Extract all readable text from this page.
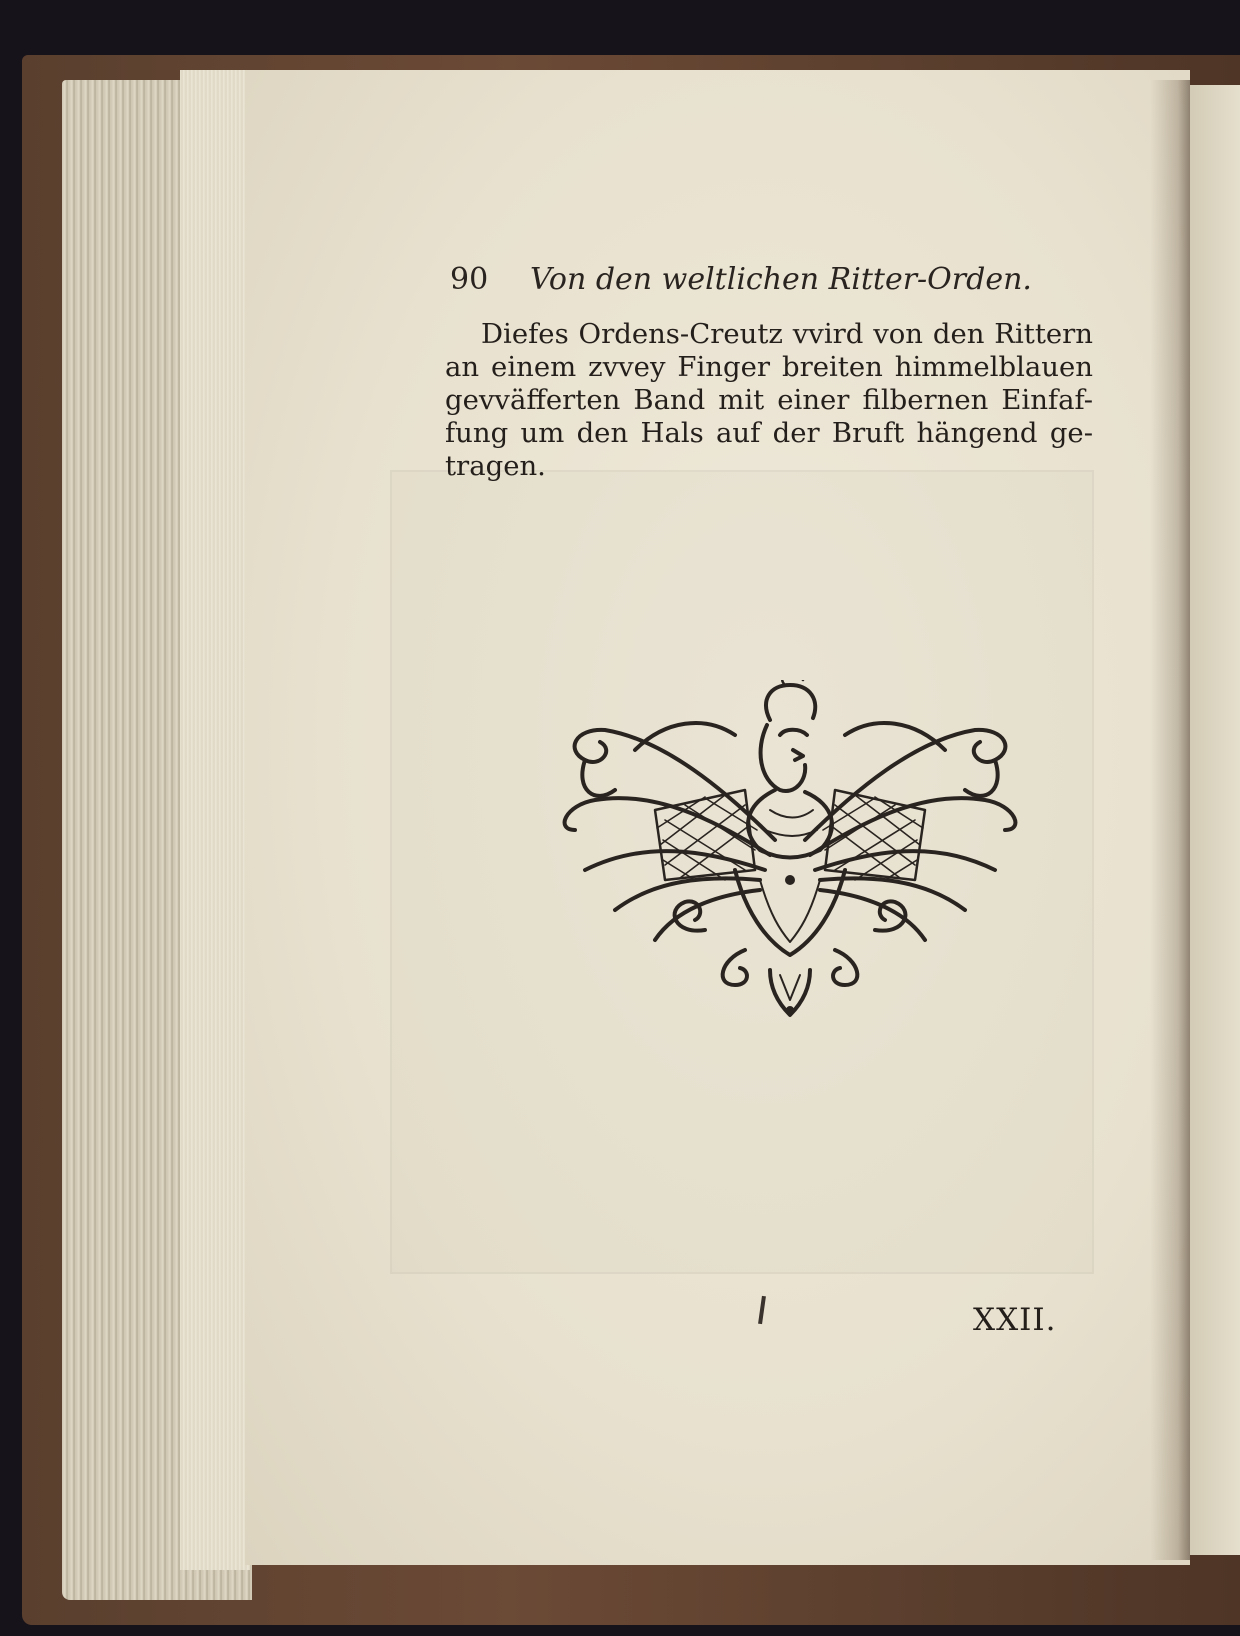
90 Von den weltlichen Ritter-Orden.
Diefes Ordens-Creutz vvird von den Rittern
an einem zvvey Finger breiten himmelblauen
gevväfferten Band mit einer filbernen Einfaf-
fung um den Hals auf der Bruft hängend ge-
tragen.
XXII.
